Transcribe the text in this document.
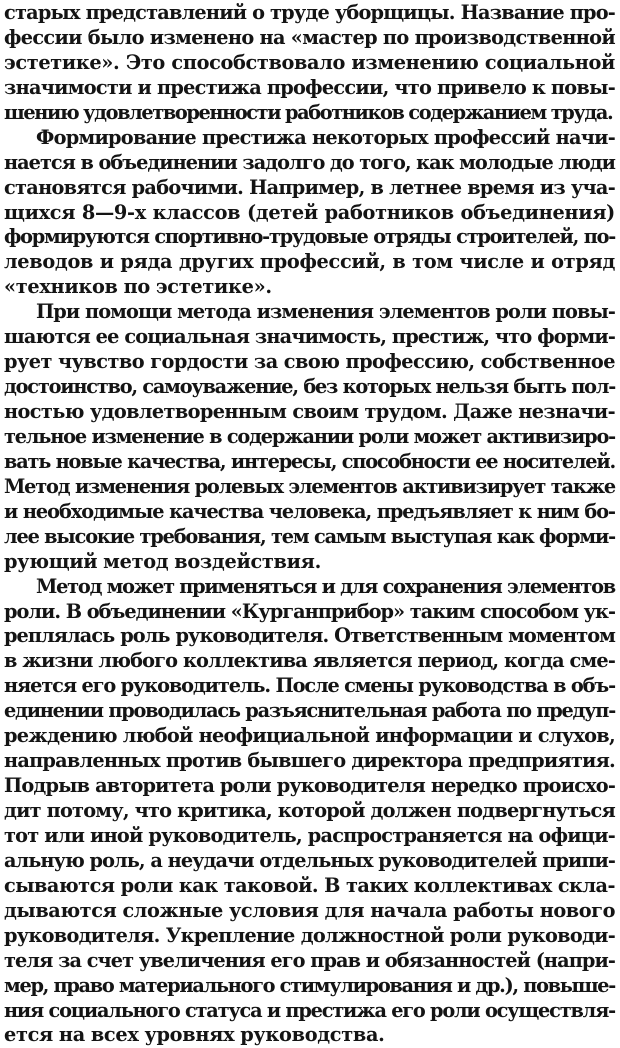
старых представлений о труде уборщицы. Название про-
фессии было изменено на «мастер по производственной
эстетике». Это способствовало изменению социальной
значимости и престижа профессии, что привело к повы-
шению удовлетворенности работников содержанием труда.
Формирование престижа некоторых профессий начи-
нается в объединении задолго до того, как молодые люди
становятся рабочими. Например, в летнее время из уча-
щихся 8—9-х классов (детей работников объединения)
формируются спортивно-трудовые отряды строителей, по-
леводов и ряда других профессий, в том числе и отряд
«техников по эстетике».
При помощи метода изменения элементов роли повы-
шаются ее социальная значимость, престиж, что форми-
рует чувство гордости за свою профессию, собственное
достоинство, самоуважение, без которых нельзя быть пол-
ностью удовлетворенным своим трудом. Даже незначи-
тельное изменение в содержании роли может активизиро-
вать новые качества, интересы, способности ее носителей.
Метод изменения ролевых элементов активизирует также
и необходимые качества человека, предъявляет к ним бо-
лее высокие требования, тем самым выступая как форми-
рующий метод воздействия.
Метод может применяться и для сохранения элементов
роли. В объединении «Курганприбор» таким способом ук-
реплялась роль руководителя. Ответственным моментом
в жизни любого коллектива является период, когда сме-
няется его руководитель. После смены руководства в объ-
единении проводилась разъяснительная работа по предуп-
реждению любой неофициальной информации и слухов,
направленных против бывшего директора предприятия.
Подрыв авторитета роли руководителя нередко происхо-
дит потому, что критика, которой должен подвергнуться
тот или иной руководитель, распространяется на офици-
альную роль, а неудачи отдельных руководителей припи-
сываются роли как таковой. В таких коллективах скла-
дываются сложные условия для начала работы нового
руководителя. Укрепление должностной роли руководи-
теля за счет увеличения его прав и обязанностей (напри-
мер, право материального стимулирования и др.), повыше-
ния социального статуса и престижа его роли осуществля-
ется на всех уровнях руководства.
